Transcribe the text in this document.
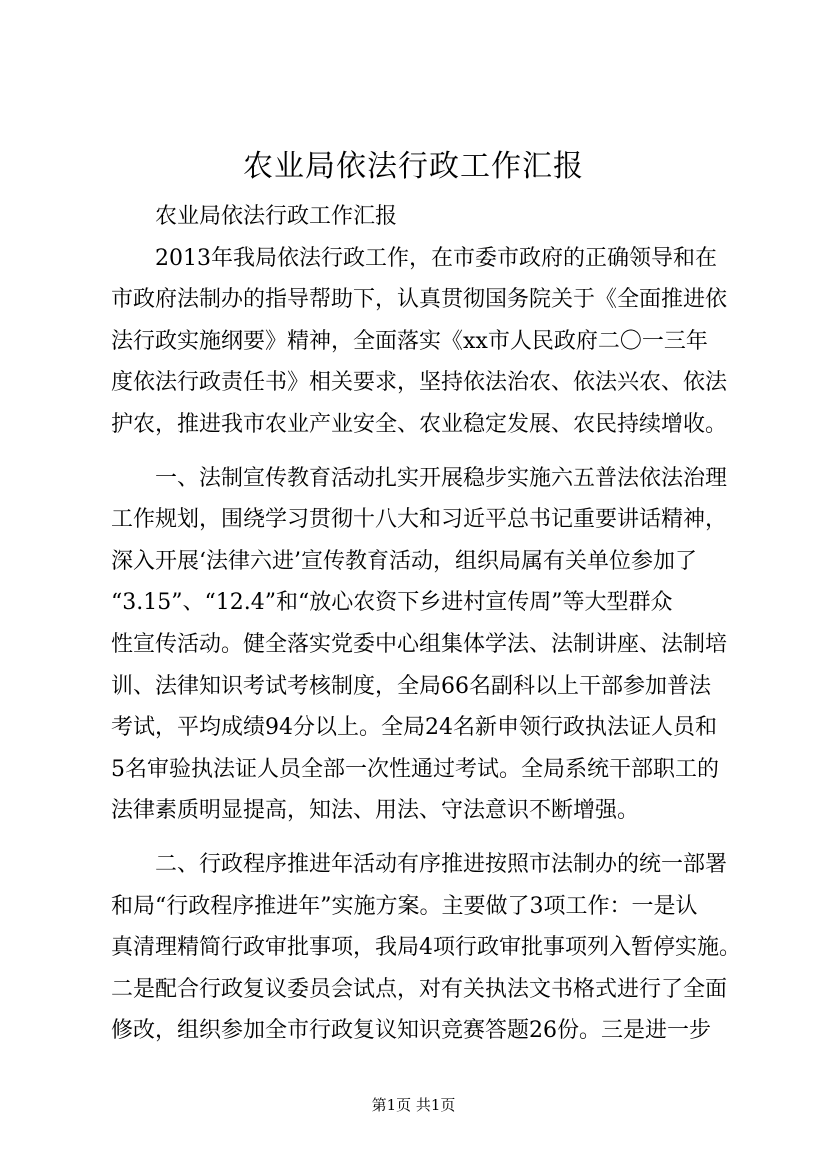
农业局依法行政工作汇报
农业局依法行政工作汇报
2013年我局依法行政工作，在市委市政府的正确领导和在
市政府法制办的指导帮助下，认真贯彻国务院关于《全面推进依
法行政实施纲要》精神，全面落实《xx市人民政府二〇一三年
度依法行政责任书》相关要求，坚持依法治农、依法兴农、依法
护农，推进我市农业产业安全、农业稳定发展、农民持续增收。
一、法制宣传教育活动扎实开展稳步实施六五普法依法治理
工作规划，围绕学习贯彻十八大和习近平总书记重要讲话精神，
深入开展‘法律六进’宣传教育活动，组织局属有关单位参加了
“3.15”、“12.4”和“放心农资下乡进村宣传周”等大型群众
性宣传活动。健全落实党委中心组集体学法、法制讲座、法制培
训、法律知识考试考核制度，全局66名副科以上干部参加普法
考试，平均成绩94分以上。全局24名新申领行政执法证人员和
5名审验执法证人员全部一次性通过考试。全局系统干部职工的
法律素质明显提高，知法、用法、守法意识不断增强。
二、行政程序推进年活动有序推进按照市法制办的统一部署
和局“行政程序推进年”实施方案。主要做了3项工作：一是认
真清理精简行政审批事项，我局4项行政审批事项列入暂停实施。
二是配合行政复议委员会试点，对有关执法文书格式进行了全面
修改，组织参加全市行政复议知识竞赛答题26份。三是进一步
第1页 共1页
